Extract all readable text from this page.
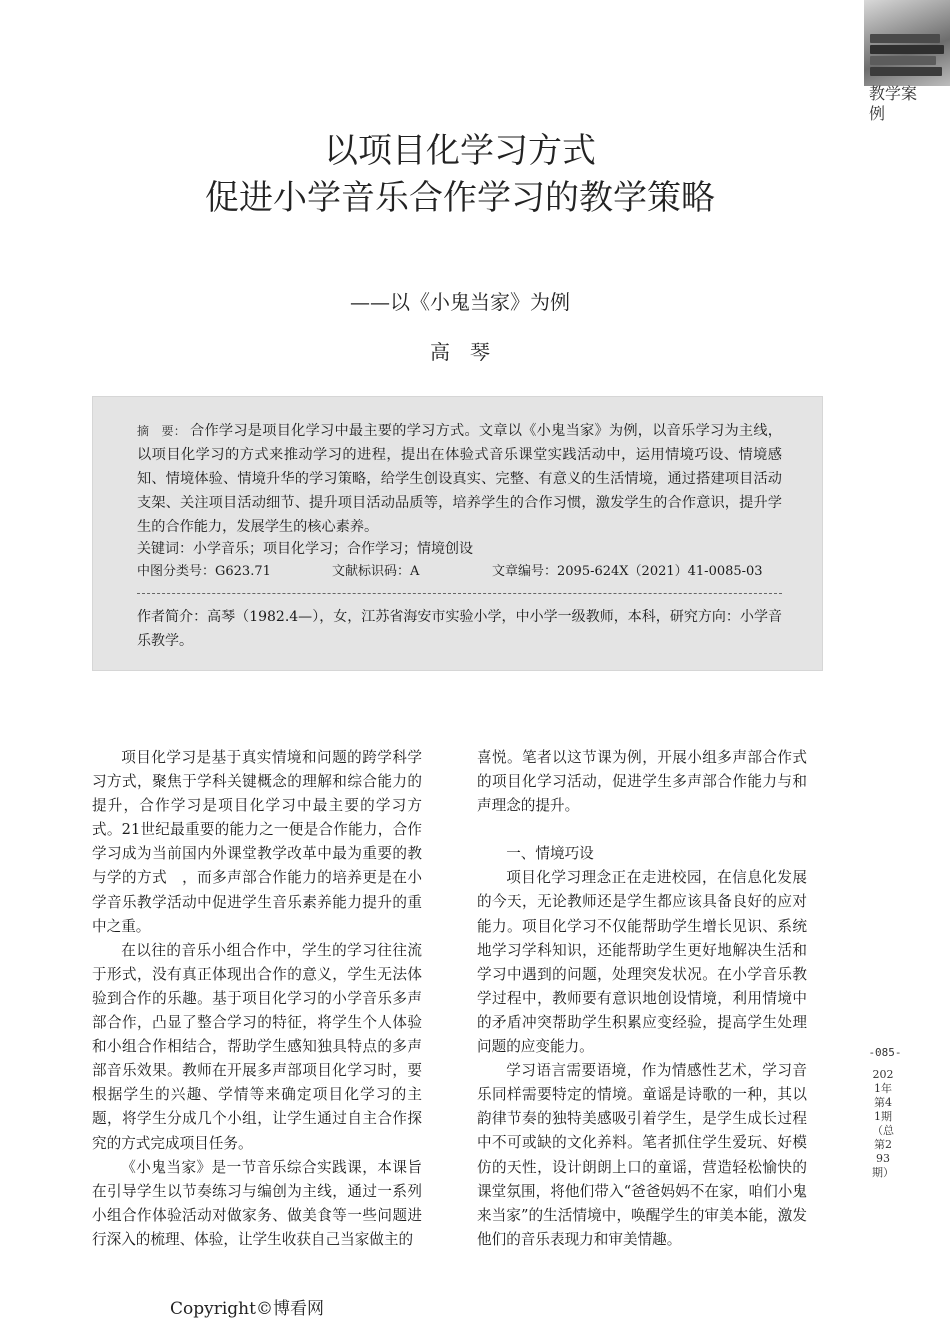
教学案例
以项目化学习方式
促进小学音乐合作学习的教学策略
——以《小鬼当家》为例
高　琴
摘　要： 合作学习是项目化学习中最主要的学习方式。文章以《小鬼当家》为例，以音乐学习为主线，以项目化学习的方式来推动学习的进程，提出在体验式音乐课堂实践活动中，运用情境巧设、情境感知、情境体验、情境升华的学习策略，给学生创设真实、完整、有意义的生活情境，通过搭建项目活动支架、关注项目活动细节、提升项目活动品质等，培养学生的合作习惯，激发学生的合作意识，提升学生的合作能力，发展学生的核心素养。
关键词：小学音乐；项目化学习；合作学习；情境创设
中图分类号：G623.71	文献标识码：A	文章编号：2095-624X（2021）41-0085-03
作者简介：高琴（1982.4—），女，江苏省海安市实验小学，中小学一级教师，本科，研究方向：小学音乐教学。

项目化学习是基于真实情境和问题的跨学科学习方式，聚焦于学科关键概念的理解和综合能力的提升，合作学习是项目化学习中最主要的学习方式。21世纪最重要的能力之一便是合作能力，合作学习成为当前国内外课堂教学改革中最为重要的教与学的方式　，而多声部合作能力的培养更是在小学音乐教学活动中促进学生音乐素养能力提升的重中之重。

在以往的音乐小组合作中，学生的学习往往流于形式，没有真正体现出合作的意义，学生无法体验到合作的乐趣。基于项目化学习的小学音乐多声部合作，凸显了整合学习的特征，将学生个人体验和小组合作相结合，帮助学生感知独具特点的多声部音乐效果。教师在开展多声部项目化学习时，要根据学生的兴趣、学情等来确定项目化学习的主题，将学生分成几个小组，让学生通过自主合作探究的方式完成项目任务。

《小鬼当家》是一节音乐综合实践课，本课旨在引导学生以节奏练习与编创为主线，通过一系列小组合作体验活动对做家务、做美食等一些问题进行深入的梳理、体验，让学生收获自己当家做主的

喜悦。笔者以这节课为例，开展小组多声部合作式的项目化学习活动，促进学生多声部合作能力与和声理念的提升。

一、情境巧设

项目化学习理念正在走进校园，在信息化发展的今天，无论教师还是学生都应该具备良好的应对能力。项目化学习不仅能帮助学生增长见识、系统地学习学科知识，还能帮助学生更好地解决生活和学习中遇到的问题，处理突发状况。在小学音乐教学过程中，教师要有意识地创设情境，利用情境中的矛盾冲突帮助学生积累应变经验，提高学生处理问题的应变能力。

学习语言需要语境，作为情感性艺术，学习音乐同样需要特定的情境。童谣是诗歌的一种，其以韵律节奏的独特美感吸引着学生，是学生成长过程中不可或缺的文化养料。笔者抓住学生爱玩、好模仿的天性，设计朗朗上口的童谣，营造轻松愉快的课堂氛围，将他们带入“爸爸妈妈不在家，咱们小鬼来当家”的生活情境中，唤醒学生的审美本能，激发他们的音乐表现力和审美情趣。

-085-
2021年第41期（总第293期）
Copyright©博看网
